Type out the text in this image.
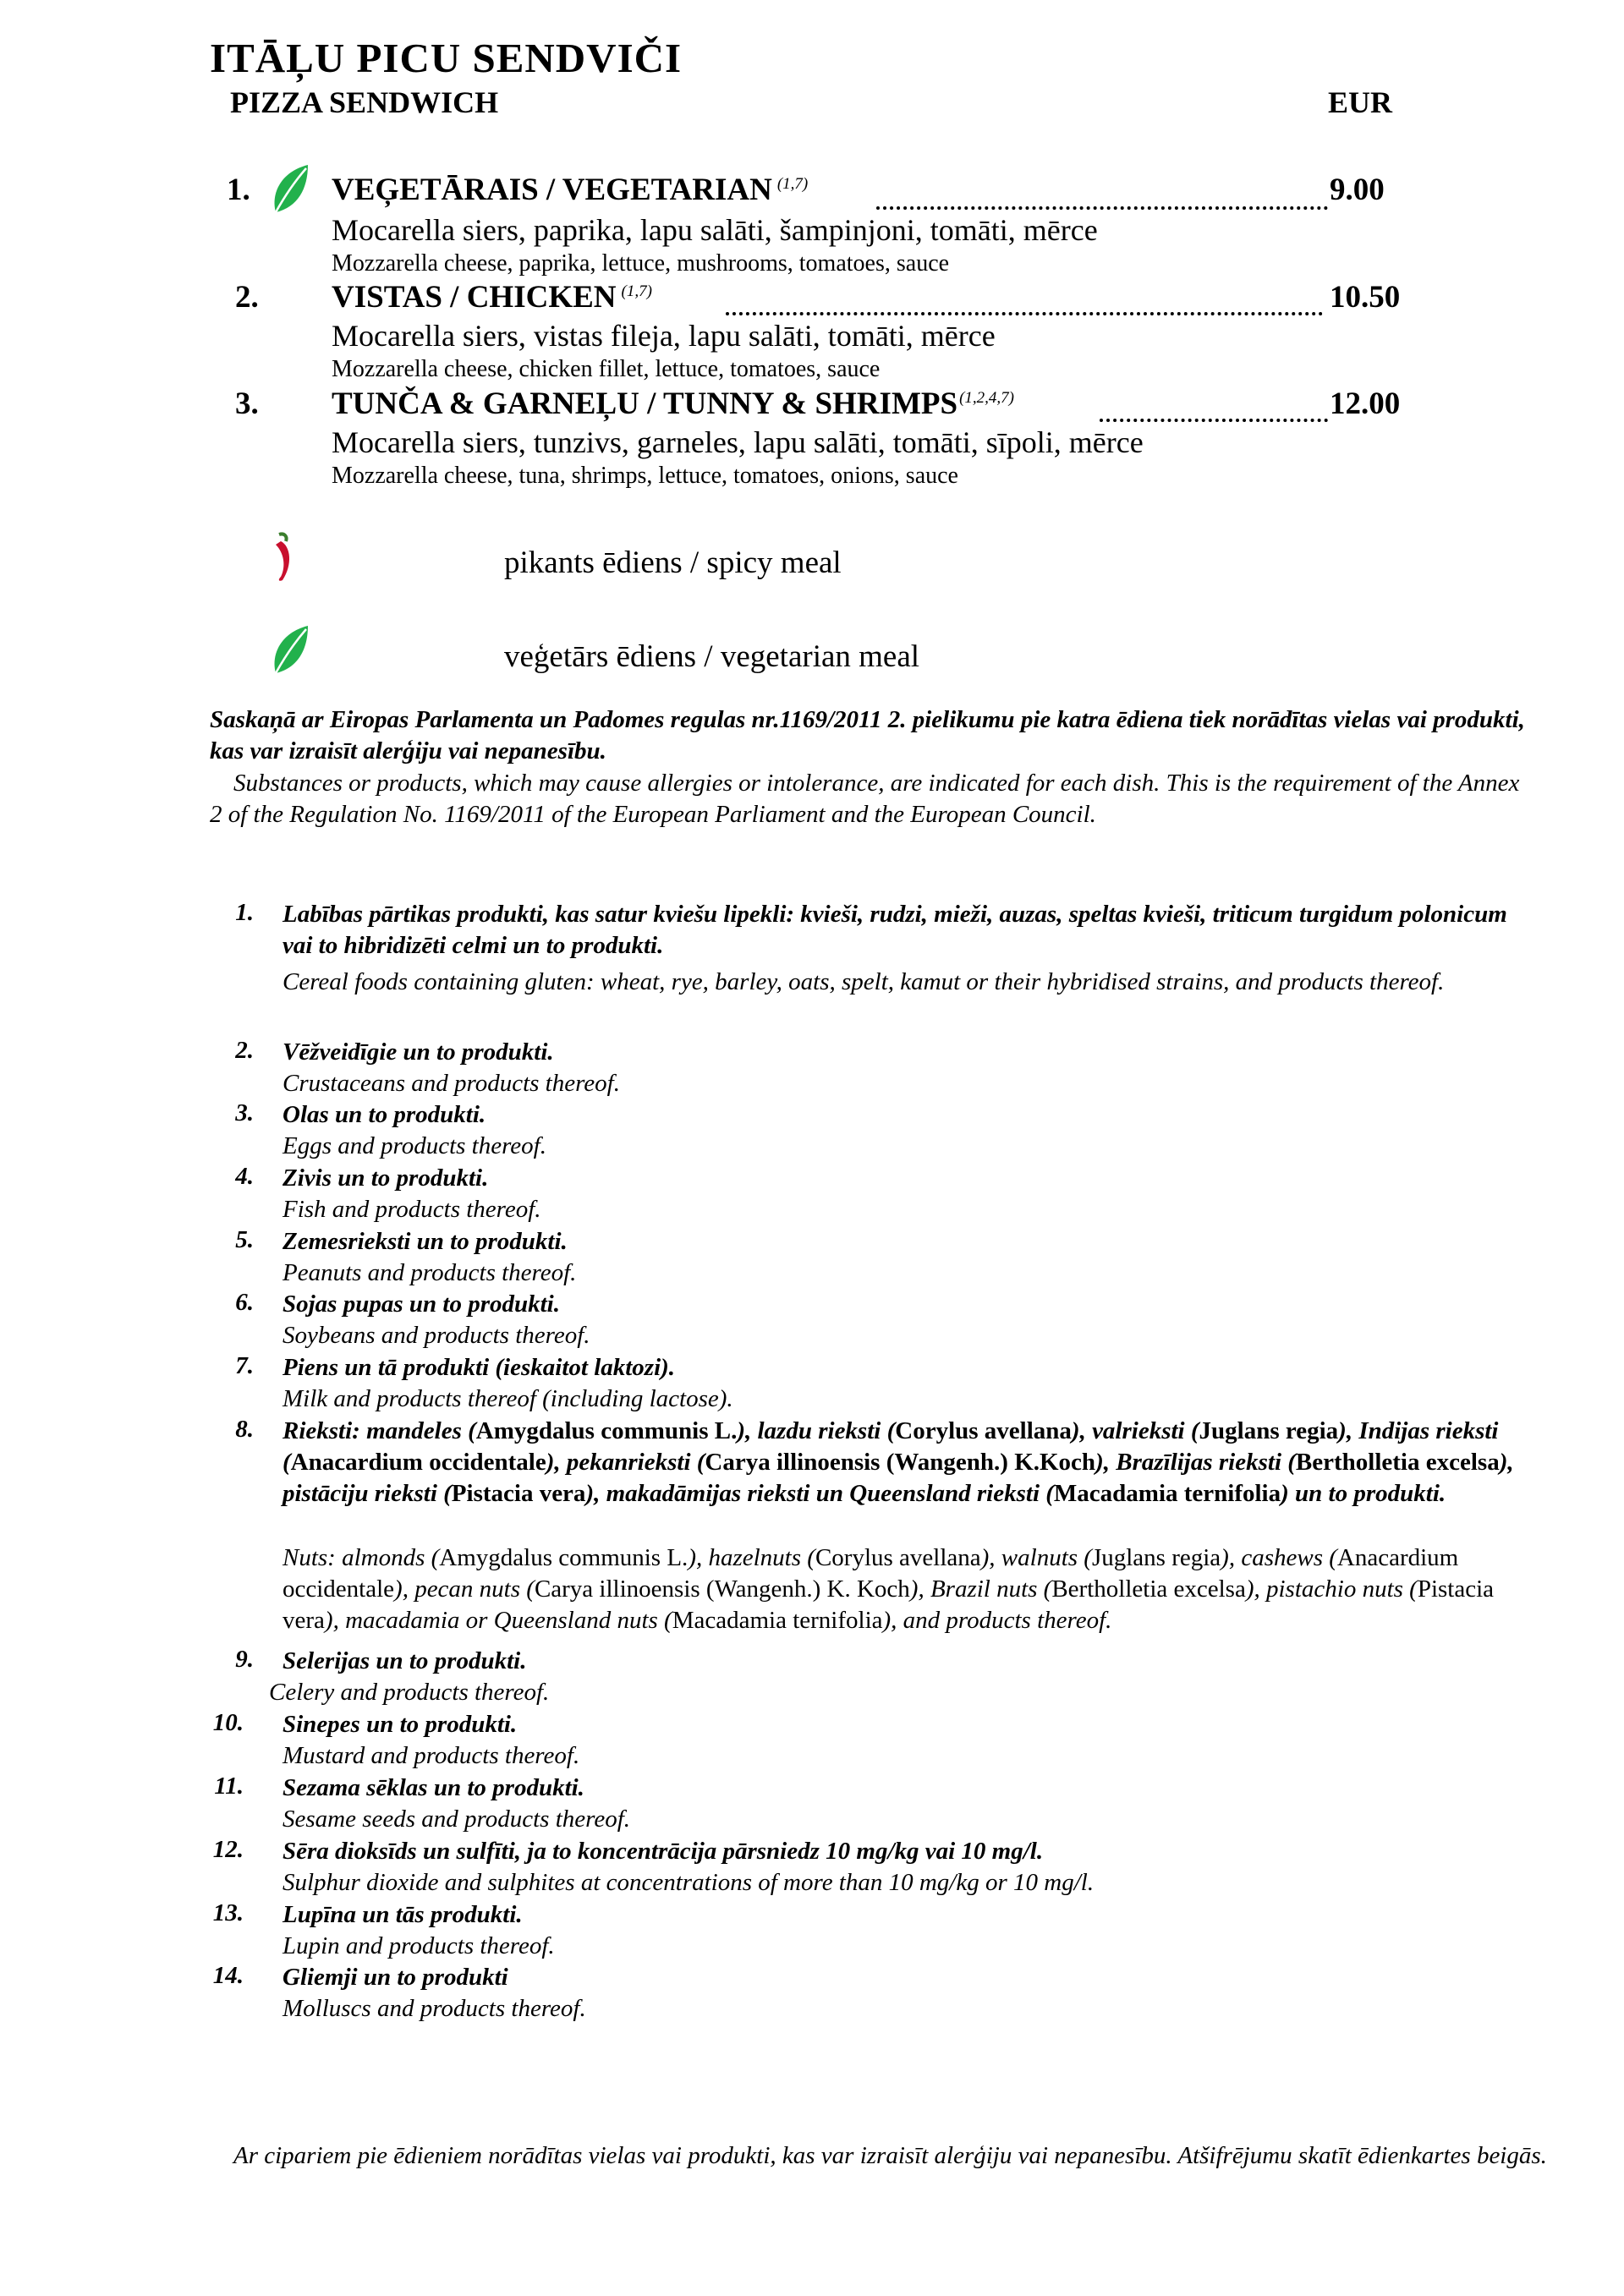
ITĀĻU PICU SENDVIČI
PIZZA SENDWICH	EUR
1.	VEĢETĀRAIS / VEGETARIAN $^{(1,7)}$	9.00
Mocarella siers, paprika, lapu salāti, šampinjoni, tomāti, mērce
Mozzarella cheese, paprika, lettuce, mushrooms, tomatoes, sauce
2. VISTAS / CHICKEN $^{(1,7)}$	10.50
Mocarella siers, vistas fileja, lapu salāti, tomāti, mērce
Mozzarella cheese, chicken fillet, lettuce, tomatoes, sauce
3. TUNČA & GARNEĻU / TUNNY & SHRIMPS $^{(1,2,4,7)}$	12.00
Mocarella siers, tunzivs, garneles, lapu salāti, tomāti, sīpoli, mērce
Mozzarella cheese, tuna, shrimps, lettuce, tomatoes, onions, sauce
pikants ēdiens / spicy meal
veģetārs ēdiens / vegetarian meal
Saskaņā ar Eiropas Parlamenta un Padomes regulas nr.1169/2011 2. pielikumu pie katra ēdiena tiek norādītas vielas vai produkti, kas var izraisīt alerģiju vai nepanesību.
Substances or products, which may cause allergies or intolerance, are indicated for each dish. This is the requirement of the Annex 2 of the Regulation No. 1169/2011 of the European Parliament and the European Council.
1. Labības pārtikas produkti, kas satur kviešu lipekli: kvieši, rudzi, mieži, auzas, speltas kvieši, triticum turgidum polonicum vai to hibridizēti celmi un to produkti.
Cereal foods containing gluten: wheat, rye, barley, oats, spelt, kamut or their hybridised strains, and products thereof.
2. Vēžveidīgie un to produkti.
Crustaceans and products thereof.
3. Olas un to produkti.
Eggs and products thereof.
4. Zivis un to produkti.
Fish and products thereof.
5. Zemesrieksti un to produkti.
Peanuts and products thereof.
6. Sojas pupas un to produkti.
Soybeans and products thereof.
7. Piens un tā produkti (ieskaitot laktozi).
Milk and products thereof (including lactose).
8. Rieksti: mandeles (Amygdalus communis L.), lazdu rieksti (Corylus avellana), valrieksti (Juglans regia), Indijas rieksti (Anacardium occidentale), pekanrieksti (Carya illinoensis (Wangenh.) K.Koch), Brazīlijas rieksti (Bertholletia excelsa), pistāciju rieksti (Pistacia vera), makadāmijas rieksti un Queensland rieksti (Macadamia ternifolia) un to produkti.
Nuts: almonds (Amygdalus communis L.), hazelnuts (Corylus avellana), walnuts (Juglans regia), cashews (Anacardium occidentale), pecan nuts (Carya illinoensis (Wangenh.) K. Koch), Brazil nuts (Bertholletia excelsa), pistachio nuts (Pistacia vera), macadamia or Queensland nuts (Macadamia ternifolia), and products thereof.
9. Selerijas un to produkti.
Celery and products thereof.
10. Sinepes un to produkti.
Mustard and products thereof.
11. Sezama sēklas un to produkti.
Sesame seeds and products thereof.
12. Sēra dioksīds un sulfīti, ja to koncentrācija pārsniedz 10 mg/kg vai 10 mg/l.
Sulphur dioxide and sulphites at concentrations of more than 10 mg/kg or 10 mg/l.
13. Lupīna un tās produkti.
Lupin and products thereof.
14. Gliemji un to produkti
Molluscs and products thereof.
Ar cipariem pie ēdieniem norādītas vielas vai produkti, kas var izraisīt alerģiju vai nepanesību. Atšifrējumu skatīt ēdienkartes beigās.
